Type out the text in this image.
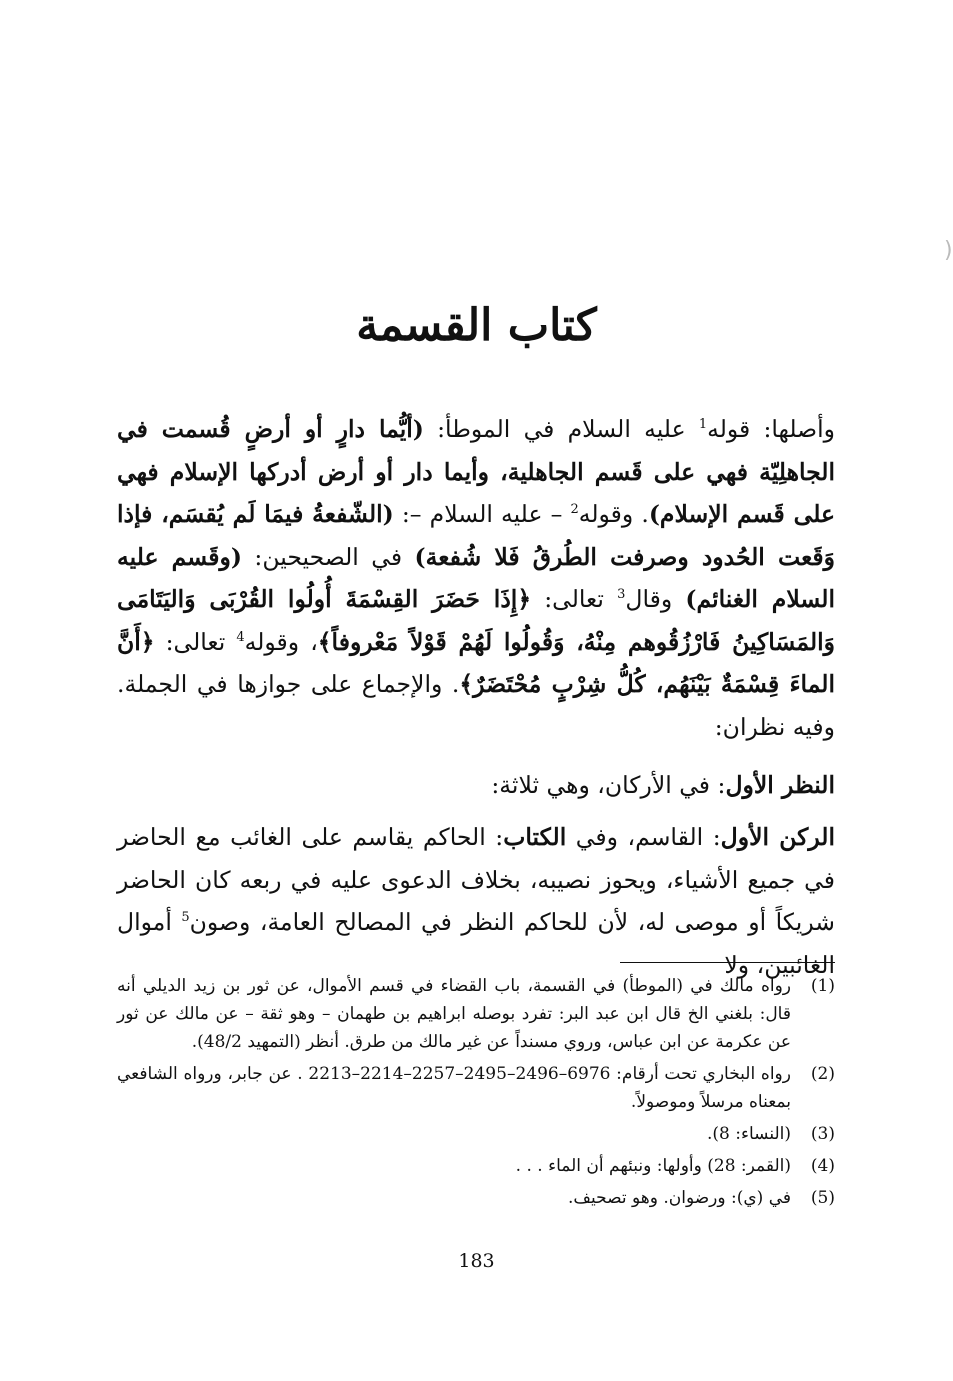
(
كتاب القسمة

وأصلها: قوله$^1$ عليه السلام في الموطأ: (أيُّما دارٍ أو أرضٍ قُسمت في الجاهلِيّة فهي على قَسم الجاهلية، وأيما دار أو أرض أدركها الإسلام فهي على قَسم الإسلام). وقوله$^2$ – عليه السلام –: (الشّفعةُ فيمَا لَم يُقسَم، فإذا وَقَعت الحُدود وصرفت الطُرقُ فَلا شُفعة) في الصحيحين: (وقَسم عليه السلام الغنائم) وقال$^3$ تعالى: ﴿إِذَا حَضَرَ القِسْمَةَ أُولُوا القُرْبَى وَاليَتَامَى وَالمَسَاكِينُ فَارْزُقُوهم مِنْهُ، وَقُولُوا لَهُمْ قَوْلاً مَعْروفاً﴾، وقوله$^4$ تعالى: ﴿أَنَّ الماءَ قِسْمَةٌ بَيْنَهُم، كُلُّ شِرْبٍ مُحْتَضَرٌ﴾. والإجماع على جوازها في الجملة. وفيه نظران:

النظر الأول: في الأركان، وهي ثلاثة:

الركن الأول: القاسم، وفي الكتاب: الحاكم يقاسم على الغائب مع الحاضر في جميع الأشياء، ويحوز نصيبه، بخلاف الدعوى عليه في ربعه كان الحاضر شريكاً أو موصى له، لأن للحاكم النظر في المصالح العامة، وصون$^5$ أموال الغائبين، ولا

(1)
رواه مالك في (الموطأ) في القسمة، باب القضاء في قسم الأموال، عن ثور بن زيد الديلي أنه قال: بلغني الخ قال ابن عبد البر: تفرد بوصله ابراهيم بن طهمان – وهو ثقة – عن مالك عن ثور عن عكرمة عن ابن عباس، وروي مسنداً عن غير مالك من طرق. أنظر (التمهيد 48/2).
(2)
رواه البخاري تحت أرقام: 6976–2496–2495–2257–2214–2213 . عن جابر، ورواه الشافعي بمعناه مرسلاً وموصولاً.
(3)
(النساء: 8).
(4)
(القمر: 28) وأولها: ونبئهم أن الماء . . .
(5)
في (ي): ورضوان. وهو تصحيف.
183
